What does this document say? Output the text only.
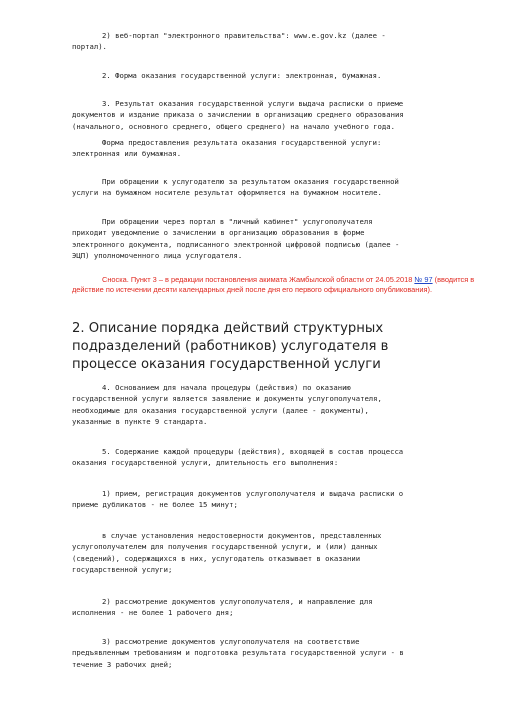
2) веб-портал "электронного правительства": www.e.gov.kz (далее -
портал).

2. Форма оказания государственной услуги: электронная, бумажная.

3. Результат оказания государственной услуги выдача расписки о приеме
документов и издание приказа о зачислении в организацию среднего образования
(начального, основного среднего, общего среднего) на начало учебного года.

Форма предоставления результата оказания государственной услуги:
электронная или бумажная.

При обращении к услугодателю за результатом оказания государственной
услуги на бумажном носителе результат оформляется на бумажном носителе.

При обращении через портал в "личный кабинет" услугополучателя
приходит уведомление о зачислении в организацию образования в форме
электронного документа, подписанного электронной цифровой подписью (далее -
ЭЦП) уполномоченного лица услугодателя.

Сноска. Пункт 3 – в редакции постановления акимата Жамбылской области от 24.05.2018 № 97 (вводится в действие по истечении десяти календарных дней после дня его первого официального опубликования).

2. Описание порядка действий структурных подразделений (работников) услугодателя в процессе оказания государственной услуги

4. Основанием для начала процедуры (действия) по оказанию
государственной услуги является заявление и документы услугополучателя,
необходимые для оказания государственной услуги (далее - документы),
указанные в пункте 9 стандарта.

5. Содержание каждой процедуры (действия), входящей в состав процесса
оказания государственной услуги, длительность его выполнения:

1) прием, регистрация документов услугополучателя и выдача расписки о
приеме дубликатов - не более 15 минут;

в случае установления недостоверности документов, представленных
услугополучателем для получения государственной услуги, и (или) данных
(сведений), содержащихся в них, услугодатель отказывает в оказании
государственной услуги;

2) рассмотрение документов услугополучателя, и направление для
исполнения - не более 1 рабочего дня;

3) рассмотрение документов услугополучателя на соответствие
предъявленным требованиям и подготовка результата государственной услуги - в
течение 3 рабочих дней;
